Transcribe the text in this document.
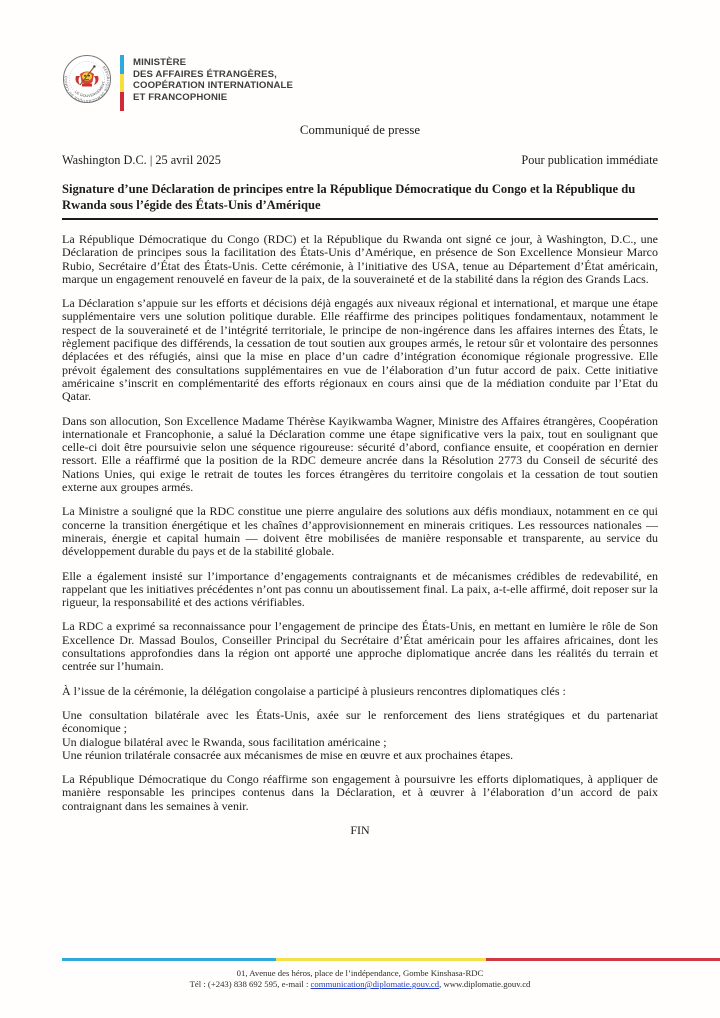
RÉPUBLIQUE DÉMOCRATIQUE DU CONGO
LE GOUVERNEMENT
MINISTÈRE
DES AFFAIRES ÉTRANGÈRES,
COOPÉRATION INTERNATIONALE
ET FRANCOPHONIE
Communiqué de presse
Washington D.C. | 25 avril 2025	Pour publication immédiate
Signature d’une Déclaration de principes entre la République Démocratique du Congo et la République du Rwanda sous l’égide des États-Unis d’Amérique

La République Démocratique du Congo (RDC) et la République du Rwanda ont signé ce jour, à Washington, D.C., une Déclaration de principes sous la facilitation des États-Unis d’Amérique, en présence de Son Excellence Monsieur Marco Rubio, Secrétaire d’État des États-Unis. Cette cérémonie, à l’initiative des USA, tenue au Département d’État américain, marque un engagement renouvelé en faveur de la paix, de la souveraineté et de la stabilité dans la région des Grands Lacs.

La Déclaration s’appuie sur les efforts et décisions déjà engagés aux niveaux régional et international, et marque une étape supplémentaire vers une solution politique durable. Elle réaffirme des principes politiques fondamentaux, notamment le respect de la souveraineté et de l’intégrité territoriale, le principe de non-ingérence dans les affaires internes des États, le règlement pacifique des différends, la cessation de tout soutien aux groupes armés, le retour sûr et volontaire des personnes déplacées et des réfugiés, ainsi que la mise en place d’un cadre d’intégration économique régionale progressive. Elle prévoit également des consultations supplémentaires en vue de l’élaboration d’un futur accord de paix. Cette initiative américaine s’inscrit en complémentarité des efforts régionaux en cours ainsi que de la médiation conduite par l’Etat du Qatar.

Dans son allocution, Son Excellence Madame Thérèse Kayikwamba Wagner, Ministre des Affaires étrangères, Coopération internationale et Francophonie, a salué la Déclaration comme une étape significative vers la paix, tout en soulignant que celle-ci doit être poursuivie selon une séquence rigoureuse: sécurité d’abord, confiance ensuite, et coopération en dernier ressort. Elle a réaffirmé que la position de la RDC demeure ancrée dans la Résolution 2773 du Conseil de sécurité des Nations Unies, qui exige le retrait de toutes les forces étrangères du territoire congolais et la cessation de tout soutien externe aux groupes armés.

La Ministre a souligné que la RDC constitue une pierre angulaire des solutions aux défis mondiaux, notamment en ce qui concerne la transition énergétique et les chaînes d’approvisionnement en minerais critiques. Les ressources nationales — minerais, énergie et capital humain — doivent être mobilisées de manière responsable et transparente, au service du développement durable du pays et de la stabilité globale.

Elle a également insisté sur l’importance d’engagements contraignants et de mécanismes crédibles de redevabilité, en rappelant que les initiatives précédentes n’ont pas connu un aboutissement final. La paix, a-t-elle affirmé, doit reposer sur la rigueur, la responsabilité et des actions vérifiables.

La RDC a exprimé sa reconnaissance pour l’engagement de principe des États-Unis, en mettant en lumière le rôle de Son Excellence Dr. Massad Boulos, Conseiller Principal du Secrétaire d’État américain pour les affaires africaines, dont les consultations approfondies dans la région ont apporté une approche diplomatique ancrée dans les réalités du terrain et centrée sur l’humain.

À l’issue de la cérémonie, la délégation congolaise a participé à plusieurs rencontres diplomatiques clés :

Une consultation bilatérale avec les États-Unis, axée sur le renforcement des liens stratégiques et du partenariat économique ;
Un dialogue bilatéral avec le Rwanda, sous facilitation américaine ;
Une réunion trilatérale consacrée aux mécanismes de mise en œuvre et aux prochaines étapes.

La République Démocratique du Congo réaffirme son engagement à poursuivre les efforts diplomatiques, à appliquer de manière responsable les principes contenus dans la Déclaration, et à œuvrer à l’élaboration d’un accord de paix contraignant dans les semaines à venir.

FIN
01, Avenue des héros, place de l’indépendance, Gombe Kinshasa-RDC
Tél : (+243) 838 692 595, e-mail : communication@diplomatie.gouv.cd, www.diplomatie.gouv.cd
